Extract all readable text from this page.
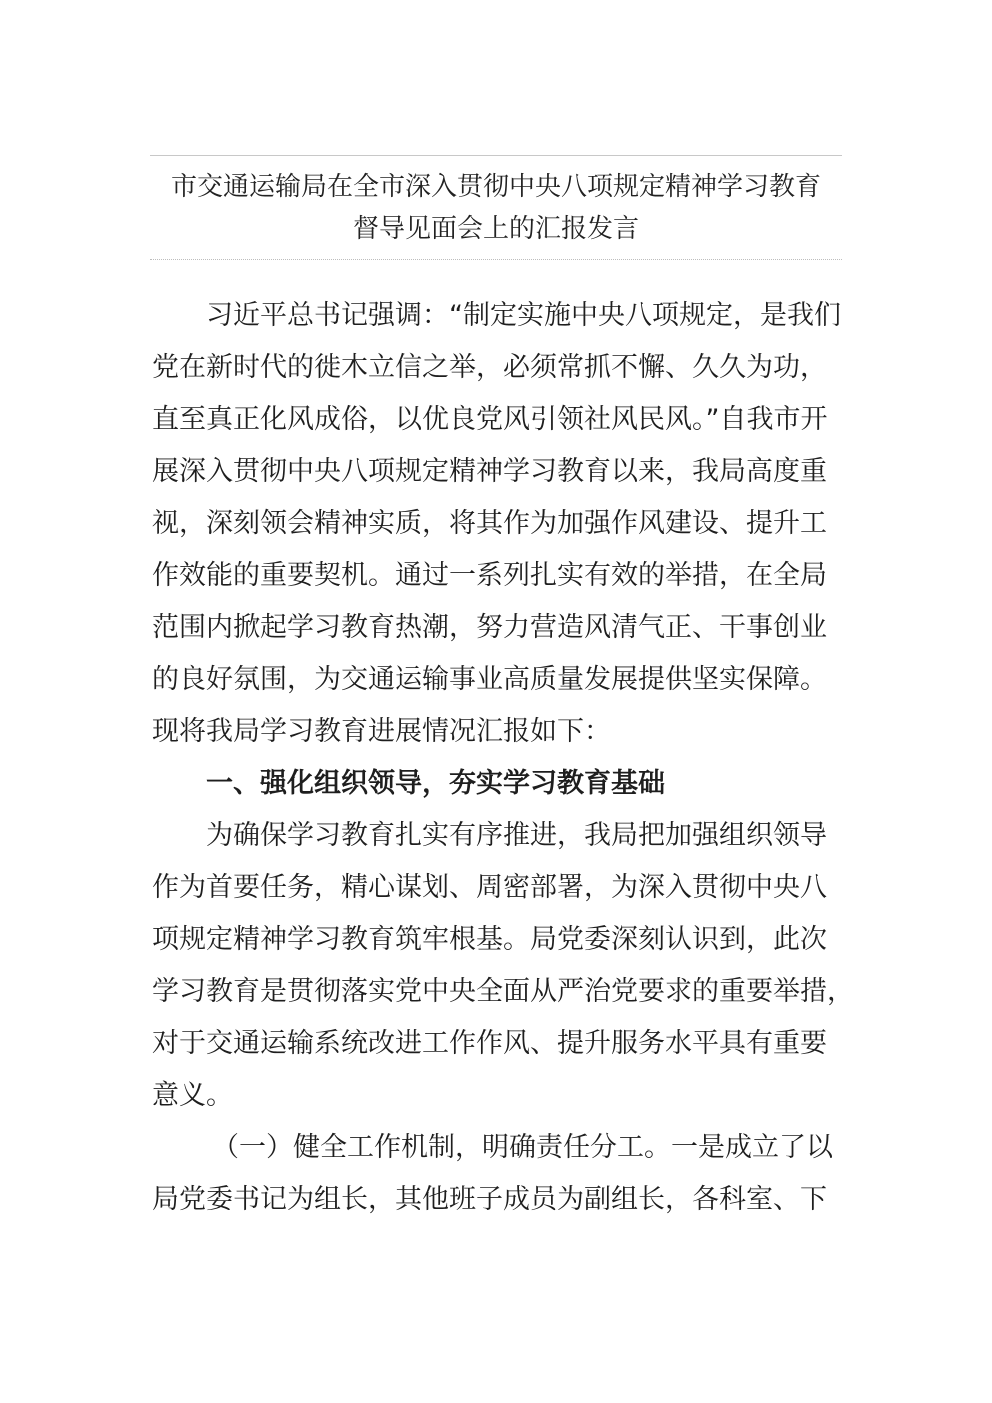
市交通运输局在全市深入贯彻中央八项规定精神学习教育
督导见面会上的汇报发言
习近平总书记强调：“制定实施中央八项规定，是我们
党在新时代的徙木立信之举，必须常抓不懈、久久为功，
直至真正化风成俗，以优良党风引领社风民风。”自我市开
展深入贯彻中央八项规定精神学习教育以来，我局高度重
视，深刻领会精神实质，将其作为加强作风建设、提升工
作效能的重要契机。通过一系列扎实有效的举措，在全局
范围内掀起学习教育热潮，努力营造风清气正、干事创业
的良好氛围，为交通运输事业高质量发展提供坚实保障。
现将我局学习教育进展情况汇报如下：
一、强化组织领导，夯实学习教育基础
为确保学习教育扎实有序推进，我局把加强组织领导
作为首要任务，精心谋划、周密部署，为深入贯彻中央八
项规定精神学习教育筑牢根基。局党委深刻认识到，此次
学习教育是贯彻落实党中央全面从严治党要求的重要举措，
对于交通运输系统改进工作作风、提升服务水平具有重要
意义。
（一）健全工作机制，明确责任分工。一是成立了以
局党委书记为组长，其他班子成员为副组长，各科室、下
